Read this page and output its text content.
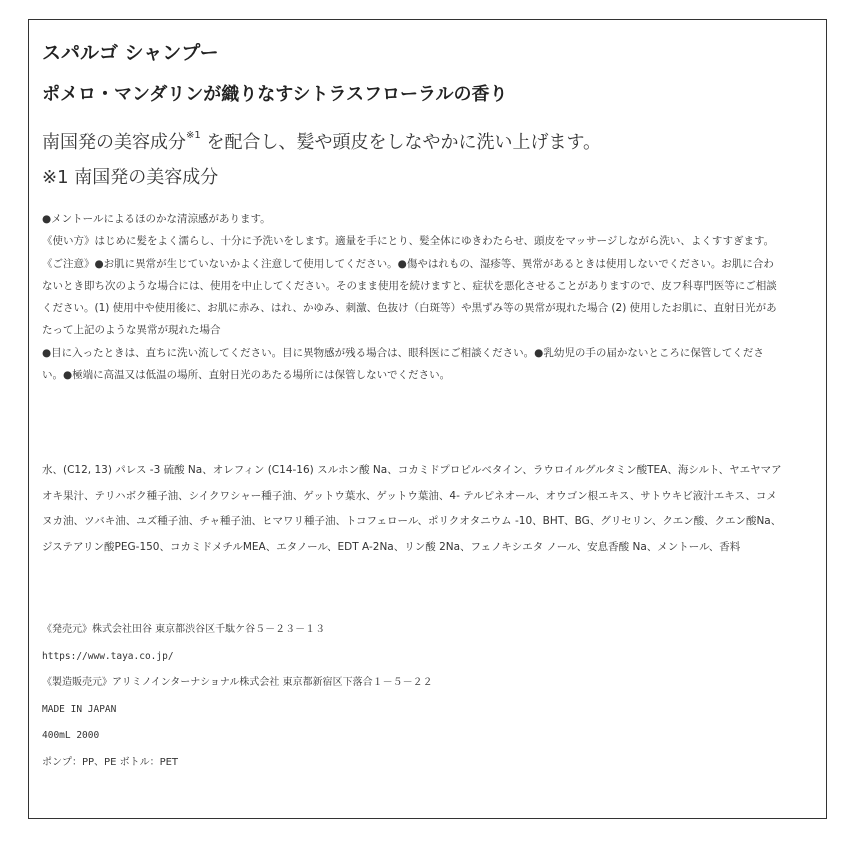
スパルゴ シャンプー
ポメロ・マンダリンが織りなすシトラスフローラルの香り
南国発の美容成分$^{※1}$ を配合し、髪や頭皮をしなやかに洗い上げます。
※1 南国発の美容成分

●メントールによるほのかな清涼感があります。

《使い方》はじめに髪をよく濡らし、十分に予洗いをします。適量を手にとり、髪全体にゆきわたらせ、頭皮をマッサージしながら洗い、よくすすぎます。

《ご注意》●お肌に異常が生じていないかよく注意して使用してください。●傷やはれもの、湿疹等、異常があるときは使用しないでください。お肌に合わないとき即ち次のような場合には、使用を中止してください。そのまま使用を続けますと、症状を悪化させることがありますので、皮フ科専門医等にご相談ください。(1) 使用中や使用後に、お肌に赤み、はれ、かゆみ、刺激、色抜け（白斑等）や黒ずみ等の異常が現れた場合 (2) 使用したお肌に、直射日光があたって上記のような異常が現れた場合

●目に入ったときは、直ちに洗い流してください。目に異物感が残る場合は、眼科医にご相談ください。●乳幼児の手の届かないところに保管してください。●極端に高温又は低温の場所、直射日光のあたる場所には保管しないでください。

水、(C12, 13) パレス -3 硫酸 Na、オレフィン (C14-16) スルホン酸 Na、コカミドプロピルベタイン、ラウロイルグルタミン酸TEA、海シルト、ヤエヤマアオキ果汁、テリハボク種子油、シイクワシャー種子油、ゲットウ葉水、ゲットウ葉油、4- テルピネオール、オウゴン根エキス、サトウキビ液汁エキス、コメヌカ油、ツバキ油、ユズ種子油、チャ種子油、ヒマワリ種子油、トコフェロール、ポリクオタニウム -10、BHT、BG、グリセリン、クエン酸、クエン酸Na、ジステアリン酸PEG-150、コカミドメチルMEA、エタノール、EDT A-2Na、リン酸 2Na、フェノキシエタ ノール、安息香酸 Na、メントール、香料

《発売元》株式会社田谷 東京都渋谷区千駄ケ谷５－２３－１３
https://www.taya.co.jp/
《製造販売元》アリミノインターナショナル株式会社 東京都新宿区下落合１－５－２２
MADE IN JAPAN
400mL 2000
ポンプ：PP、PE ボトル：PET
